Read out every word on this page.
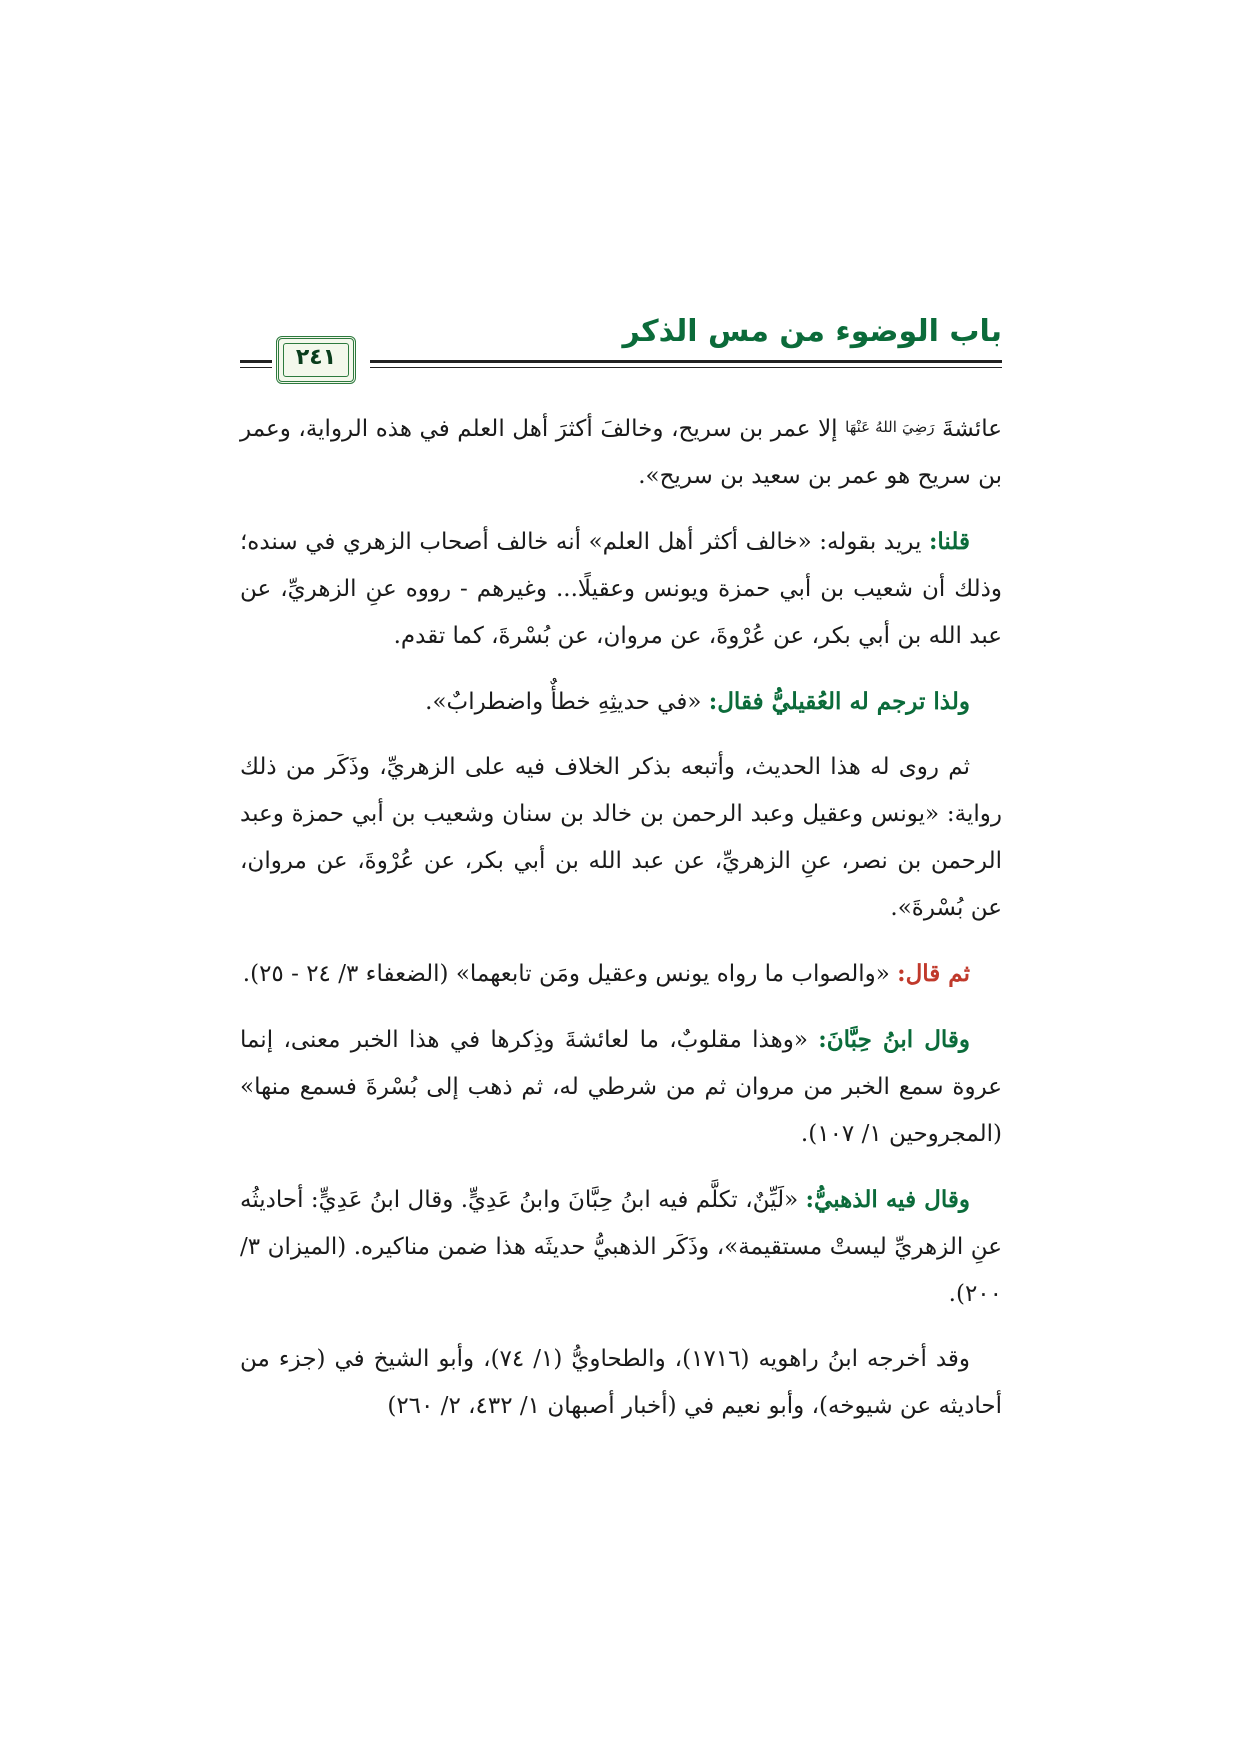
باب الوضوء من مس الذكر
٢٤١

عائشةَ رَضِيَ اللهُ عَنْهَا إلا عمر بن سريح، وخالفَ أكثرَ أهل العلم في هذه الرواية، وعمر بن سريح هو عمر بن سعيد بن سريح».

قلنا: يريد بقوله: «خالف أكثر أهل العلم» أنه خالف أصحاب الزهري في سنده؛ وذلك أن شعيب بن أبي حمزة ويونس وعقيلًا... وغيرهم - رووه عنِ الزهريِّ، عن عبد الله بن أبي بكر، عن عُرْوةَ، عن مروان، عن بُسْرةَ، كما تقدم.

ولذا ترجم له العُقيليُّ فقال: «في حديثِهِ خطأٌ واضطرابٌ».

ثم روى له هذا الحديث، وأتبعه بذكر الخلاف فيه على الزهريِّ، وذَكَر من ذلك رواية: «يونس وعقيل وعبد الرحمن بن خالد بن سنان وشعيب بن أبي حمزة وعبد الرحمن بن نصر، عنِ الزهريِّ، عن عبد الله بن أبي بكر، عن عُرْوةَ، عن مروان، عن بُسْرةَ».

ثم قال: «والصواب ما رواه يونس وعقيل ومَن تابعهما» (الضعفاء ٣/ ٢٤ - ٢٥).

وقال ابنُ حِبَّانَ: «وهذا مقلوبٌ، ما لعائشةَ وذِكرها في هذا الخبر معنى، إنما عروة سمع الخبر من مروان ثم من شرطي له، ثم ذهب إلى بُسْرةَ فسمع منها» (المجروحين ١/ ١٠٧).

وقال فيه الذهبيُّ: «لَيِّنٌ، تكلَّم فيه ابنُ حِبَّانَ وابنُ عَدِيٍّ. وقال ابنُ عَدِيٍّ: أحاديثُه عنِ الزهريِّ ليستْ مستقيمة»، وذَكَر الذهبيُّ حديثَه هذا ضمن مناكيره. (الميزان ٣/ ٢٠٠).

وقد أخرجه ابنُ راهويه (١٧١٦)، والطحاويُّ (١/ ٧٤)، وأبو الشيخ في (جزء من أحاديثه عن شيوخه)، وأبو نعيم في (أخبار أصبهان ١/ ٤٣٢، ٢/ ٢٦٠)
